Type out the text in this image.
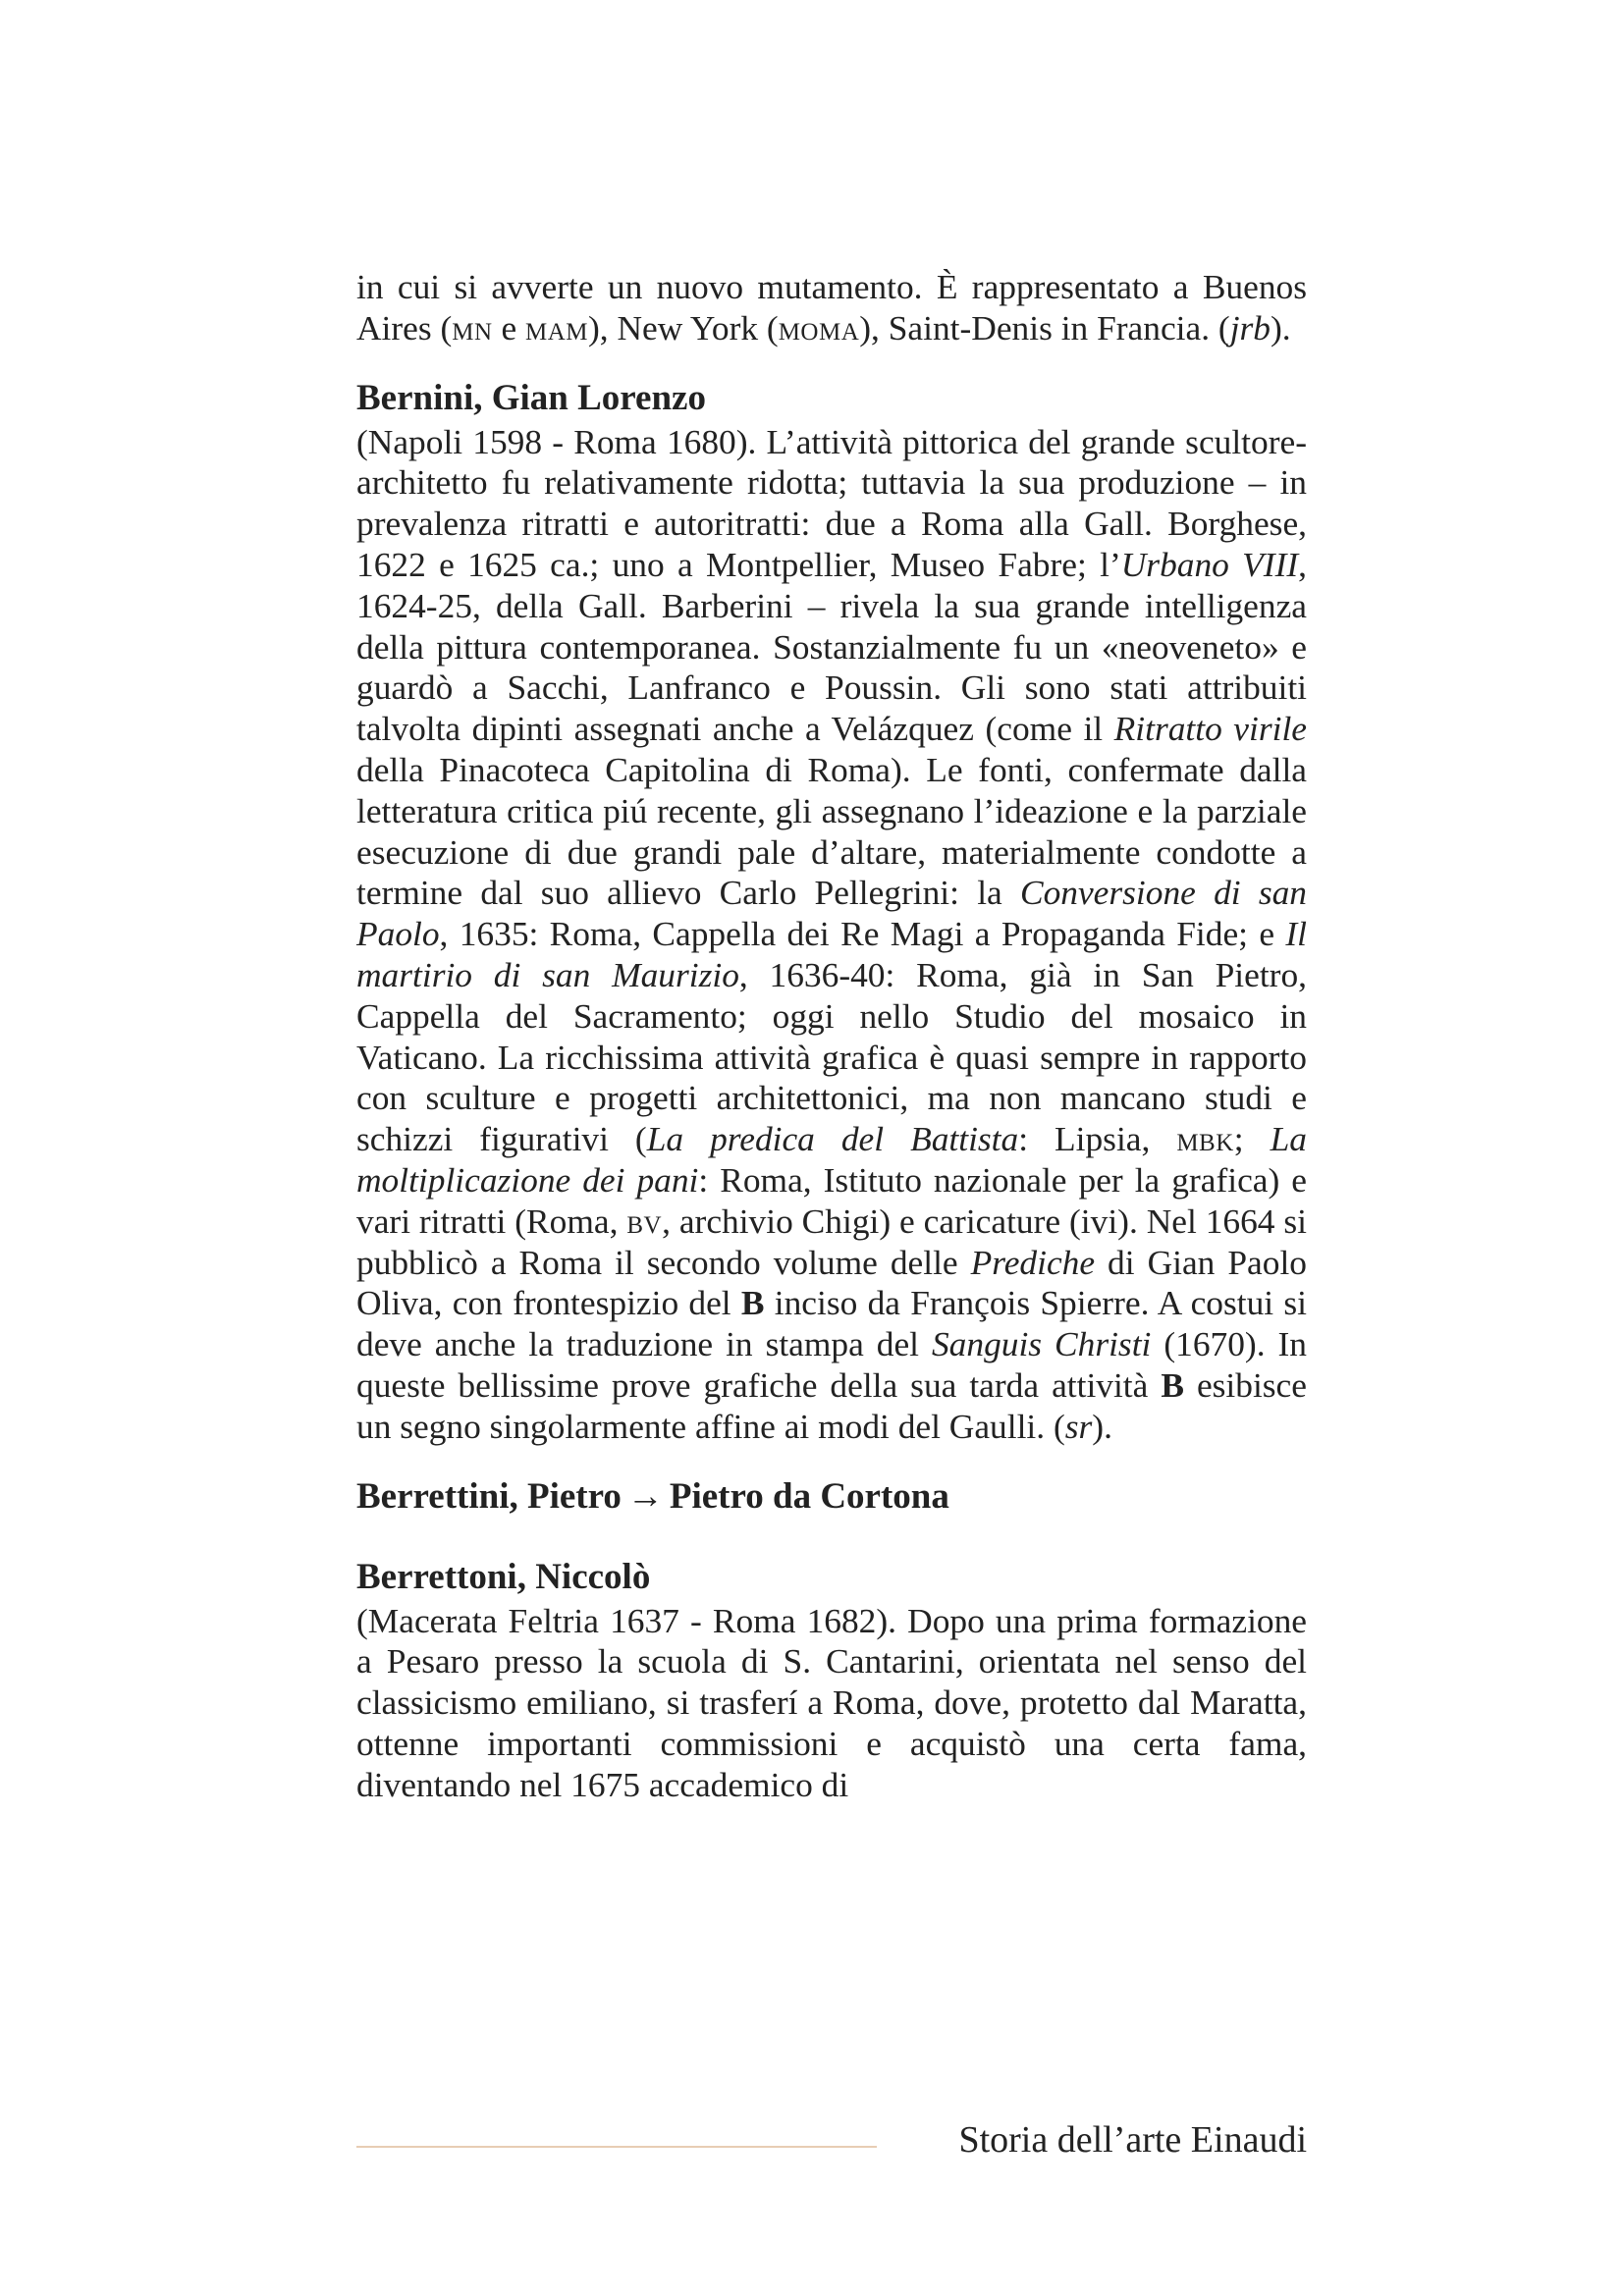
in cui si avverte un nuovo mutamento. È rappresentato a Buenos Aires (mn e mam), New York (moma), Saint-Denis in Francia. (jrb).

Bernini, Gian Lorenzo

(Napoli 1598 - Roma 1680). L’attività pittorica del grande scultore-architetto fu relativamente ridotta; tuttavia la sua produzione – in prevalenza ritratti e autoritratti: due a Roma alla Gall. Borghese, 1622 e 1625 ca.; uno a Montpellier, Museo Fabre; l’Urbano VIII, 1624-25, della Gall. Barberini – rivela la sua grande intelligenza della pittura contemporanea. Sostanzialmente fu un «neoveneto» e guardò a Sacchi, Lanfranco e Poussin. Gli sono stati attribuiti talvolta dipinti assegnati anche a Velázquez (come il Ritratto virile della Pinacoteca Capitolina di Roma). Le fonti, confermate dalla letteratura critica piú recente, gli assegnano l’ideazione e la parziale esecuzione di due grandi pale d’altare, materialmente condotte a termine dal suo allievo Carlo Pellegrini: la Conversione di san Paolo, 1635: Roma, Cappella dei Re Magi a Propaganda Fide; e Il martirio di san Maurizio, 1636-40: Roma, già in San Pietro, Cappella del Sacramento; oggi nello Studio del mosaico in Vaticano. La ricchissima attività grafica è quasi sempre in rapporto con sculture e progetti architettonici, ma non mancano studi e schizzi figurativi (La predica del Battista: Lipsia, mbk; La moltiplicazione dei pani: Roma, Istituto nazionale per la grafica) e vari ritratti (Roma, bv, archivio Chigi) e caricature (ivi). Nel 1664 si pubblicò a Roma il secondo volume delle Prediche di Gian Paolo Oliva, con frontespizio del B inciso da François Spierre. A costui si deve anche la traduzione in stampa del Sanguis Christi (1670). In queste bellissime prove grafiche della sua tarda attività B esibisce un segno singolarmente affine ai modi del Gaulli. (sr).

Berrettini, Pietro → Pietro da Cortona
Berrettoni, Niccolò

(Macerata Feltria 1637 - Roma 1682). Dopo una prima formazione a Pesaro presso la scuola di S. Cantarini, orientata nel senso del classicismo emiliano, si trasferí a Roma, dove, protetto dal Maratta, ottenne importanti commissioni e acquistò una certa fama, diventando nel 1675 accademico di

Storia dell’arte Einaudi
